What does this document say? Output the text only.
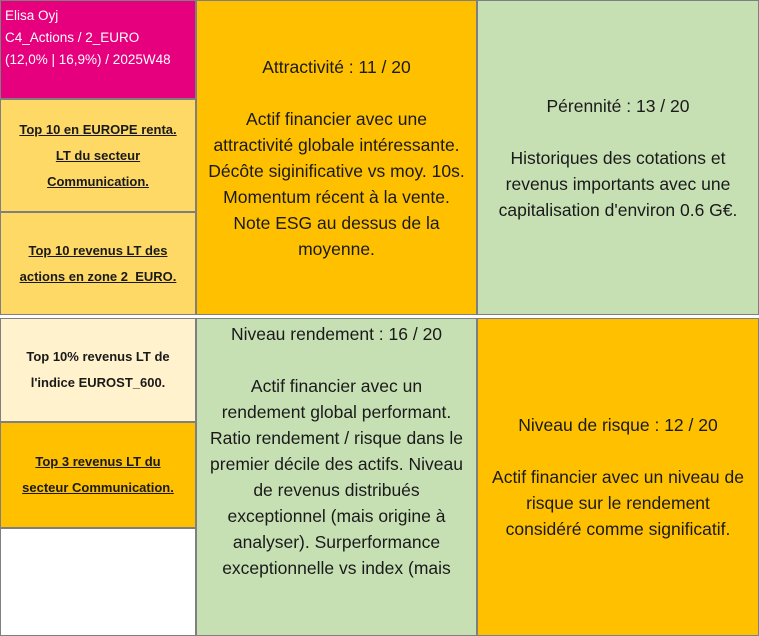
Elisa Oyj
C4_Actions / 2_EURO
(12,0% | 16,9%) / 2025W48
Top 10 en EUROPE renta.
LT du secteur
Communication.
Top 10 revenus LT des
actions en zone 2_EURO.
Top 10% revenus LT de
l'indice EUROST_600.
Top 3 revenus LT du
secteur Communication.
Attractivité : 11 / 20
Actif financier avec une
attractivité globale intéressante.
Décôte siginificative vs moy. 10s.
Momentum récent à la vente.
Note ESG au dessus de la
moyenne.
Pérennité : 13 / 20
Historiques des cotations et
revenus importants avec une
capitalisation d'environ 0.6 G€.
Niveau rendement : 16 / 20
Actif financier avec un
rendement global performant.
Ratio rendement / risque dans le
premier décile des actifs. Niveau
de revenus distribués
exceptionnel (mais origine à
analyser). Surperformance
exceptionnelle vs index (mais
Niveau de risque : 12 / 20
Actif financier avec un niveau de
risque sur le rendement
considéré comme significatif.
